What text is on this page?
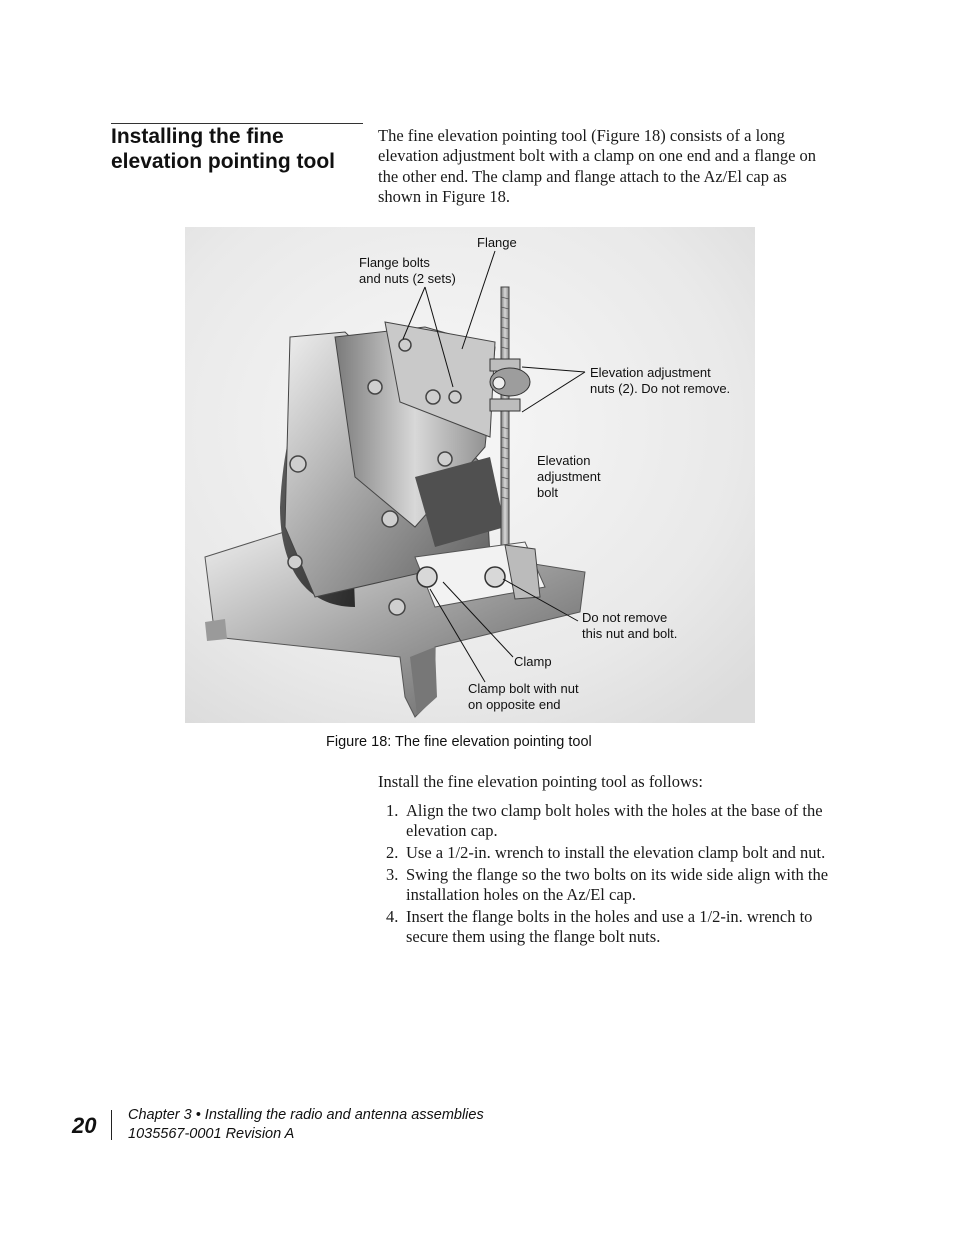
Installing the fine elevation pointing tool
The fine elevation pointing tool (Figure 18) consists of a long elevation adjustment bolt with a clamp on one end and a flange on the other end. The clamp and flange attach to the Az/El cap as shown in Figure 18.
Flange
Flange bolts
and nuts (2 sets)
Elevation adjustment
nuts (2). Do not remove.
Elevation
adjustment
bolt
Do not remove
this nut and bolt.
Clamp
Clamp bolt with nut
on opposite end
Figure 18: The fine elevation pointing tool
Install the fine elevation pointing tool as follows:
1. Align the two clamp bolt holes with the holes at the base of the elevation cap.
2. Use a 1/2-in. wrench to install the elevation clamp bolt and nut.
3. Swing the flange so the two bolts on its wide side align with the installation holes on the Az/El cap.
4. Insert the flange bolts in the holes and use a 1/2-in. wrench to secure them using the flange bolt nuts.
20 Chapter 3 • Installing the radio and antenna assemblies
1035567-0001 Revision A
